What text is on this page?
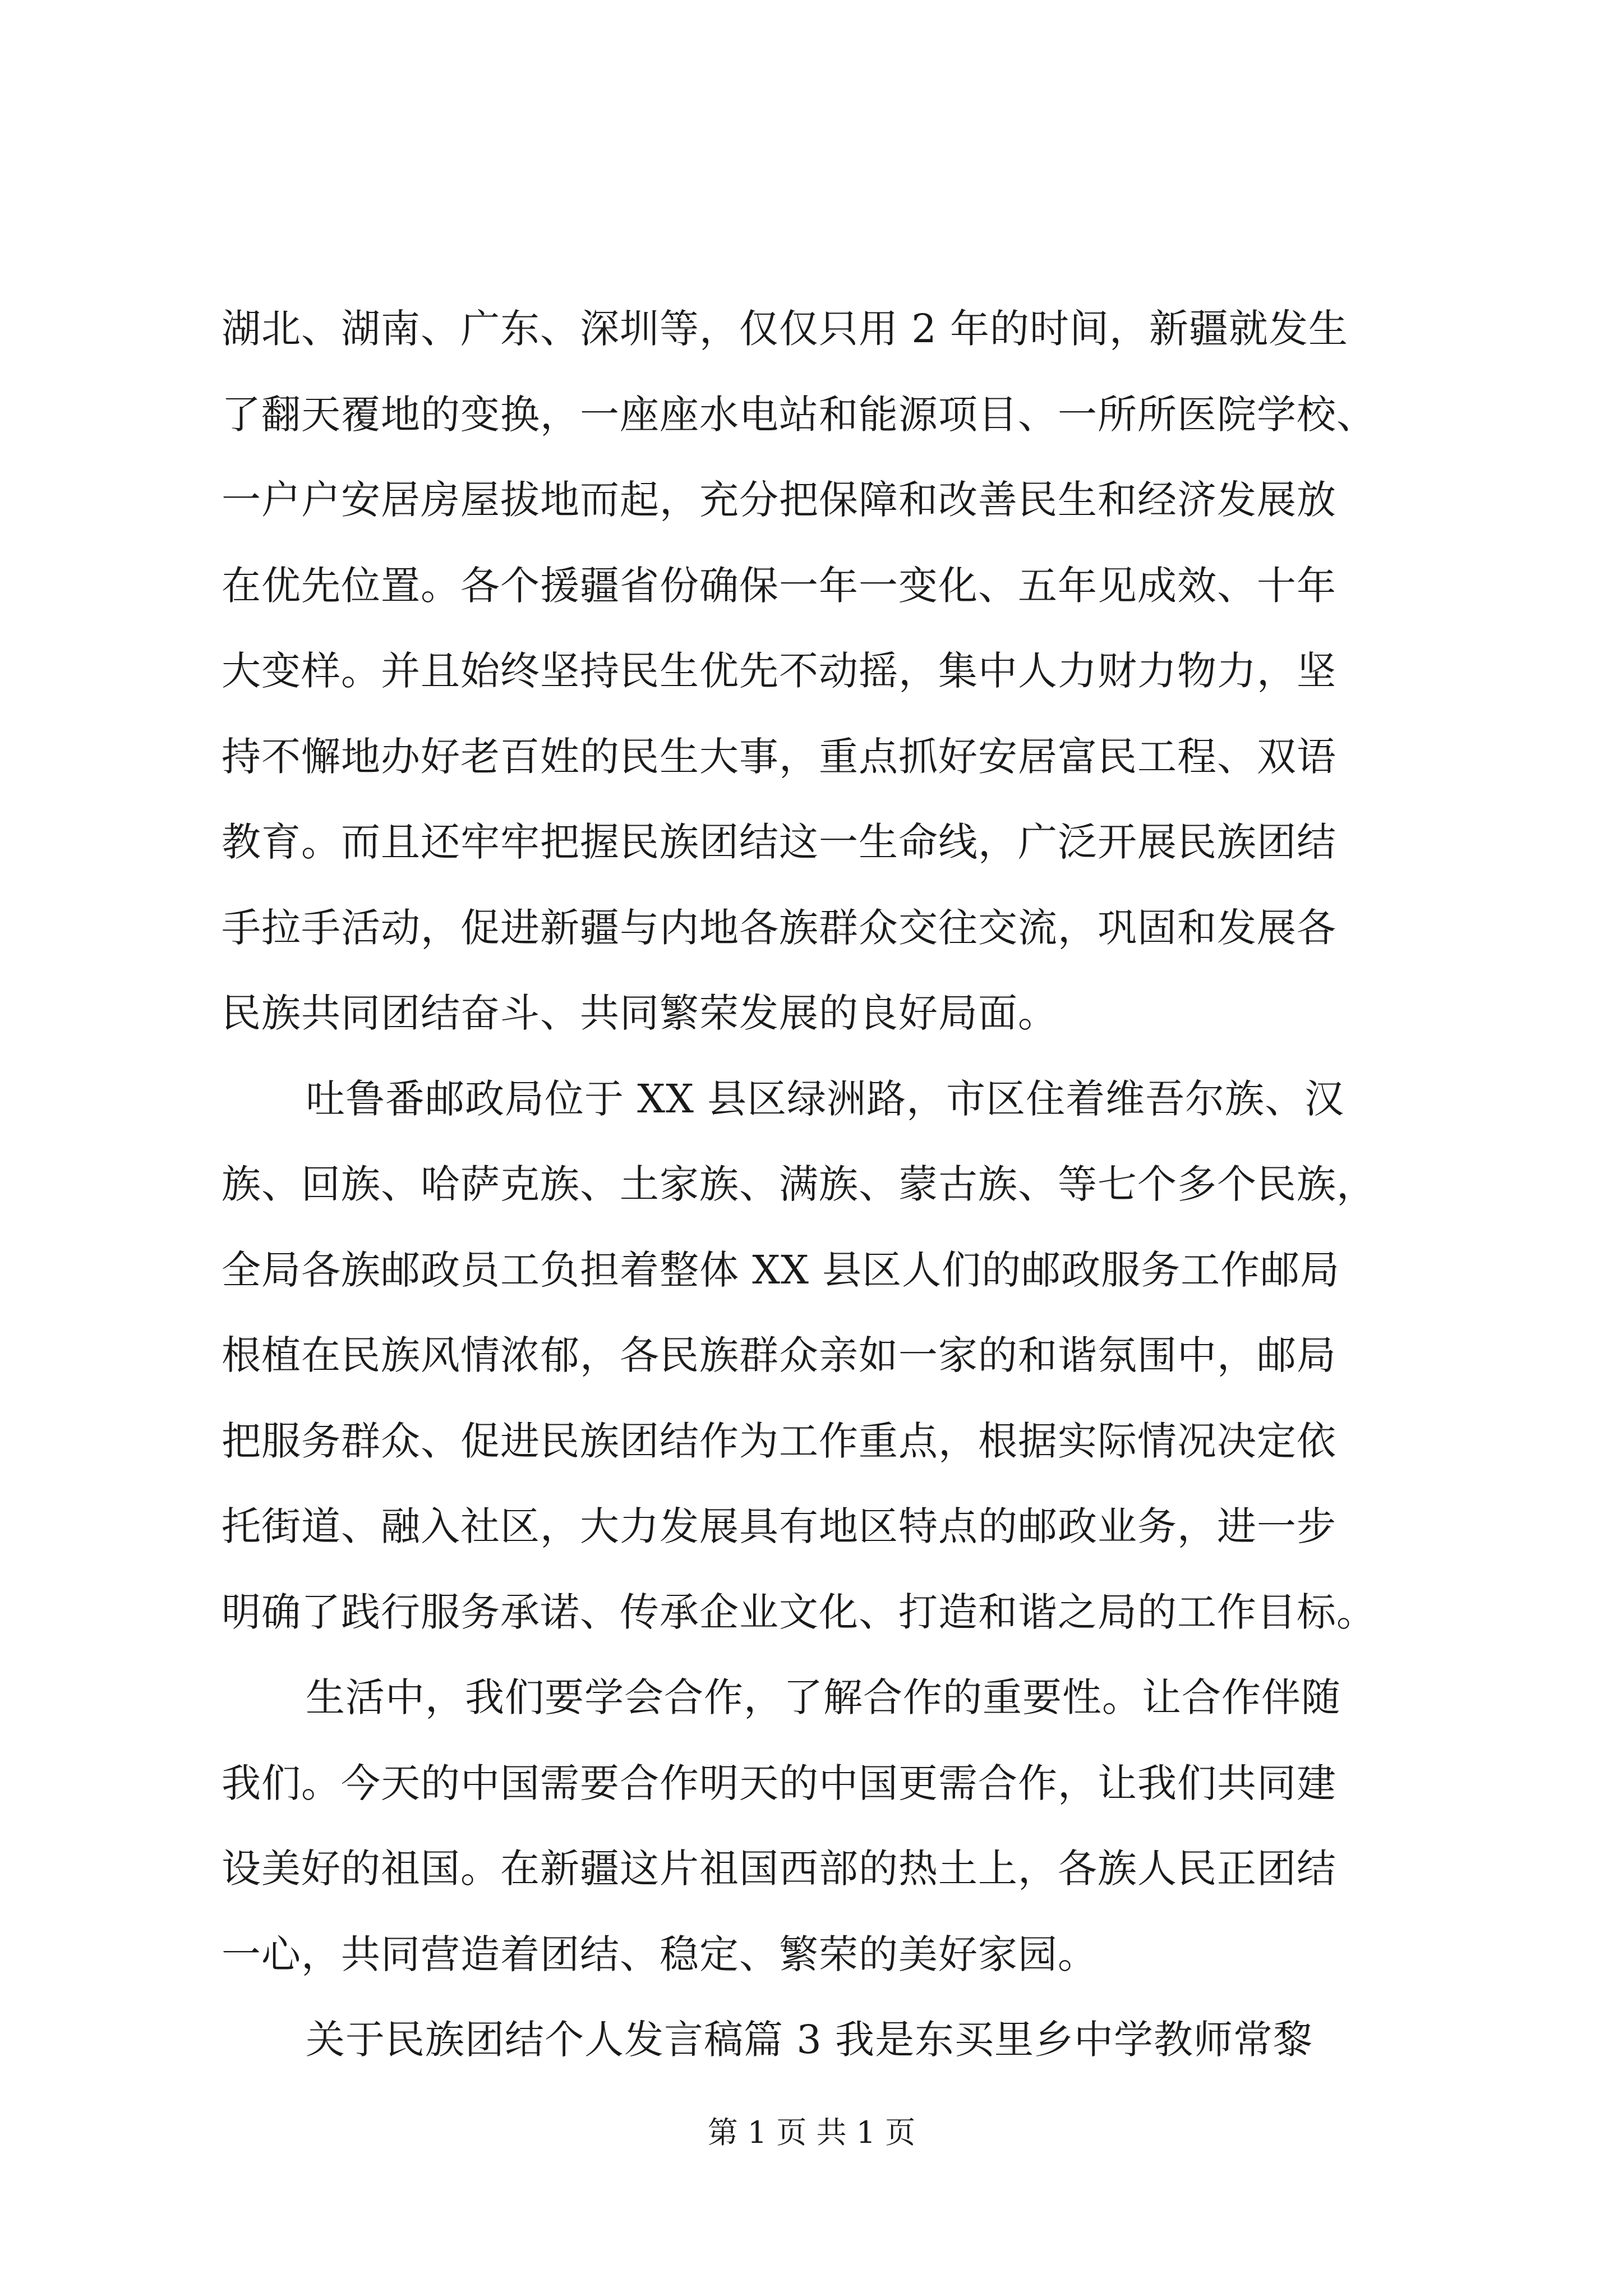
湖北、湖南、广东、深圳等，仅仅只用 2 年的时间，新疆就发生
了翻天覆地的变换，一座座水电站和能源项目、一所所医院学校、
一户户安居房屋拔地而起，充分把保障和改善民生和经济发展放
在优先位置。各个援疆省份确保一年一变化、五年见成效、十年
大变样。并且始终坚持民生优先不动摇，集中人力财力物力，坚
持不懈地办好老百姓的民生大事，重点抓好安居富民工程、双语
教育。而且还牢牢把握民族团结这一生命线，广泛开展民族团结
手拉手活动，促进新疆与内地各族群众交往交流，巩固和发展各
民族共同团结奋斗、共同繁荣发展的良好局面。
吐鲁番邮政局位于 XX 县区绿洲路，市区住着维吾尔族、汉
族、回族、哈萨克族、土家族、满族、蒙古族、等七个多个民族，
全局各族邮政员工负担着整体 XX 县区人们的邮政服务工作邮局
根植在民族风情浓郁，各民族群众亲如一家的和谐氛围中，邮局
把服务群众、促进民族团结作为工作重点，根据实际情况决定依
托街道、融入社区，大力发展具有地区特点的邮政业务，进一步
明确了践行服务承诺、传承企业文化、打造和谐之局的工作目标。
生活中，我们要学会合作，了解合作的重要性。让合作伴随
我们。今天的中国需要合作明天的中国更需合作，让我们共同建
设美好的祖国。在新疆这片祖国西部的热土上，各族人民正团结
一心，共同营造着团结、稳定、繁荣的美好家园。
关于民族团结个人发言稿篇 3 我是东买里乡中学教师常黎
第 1 页 共 1 页
